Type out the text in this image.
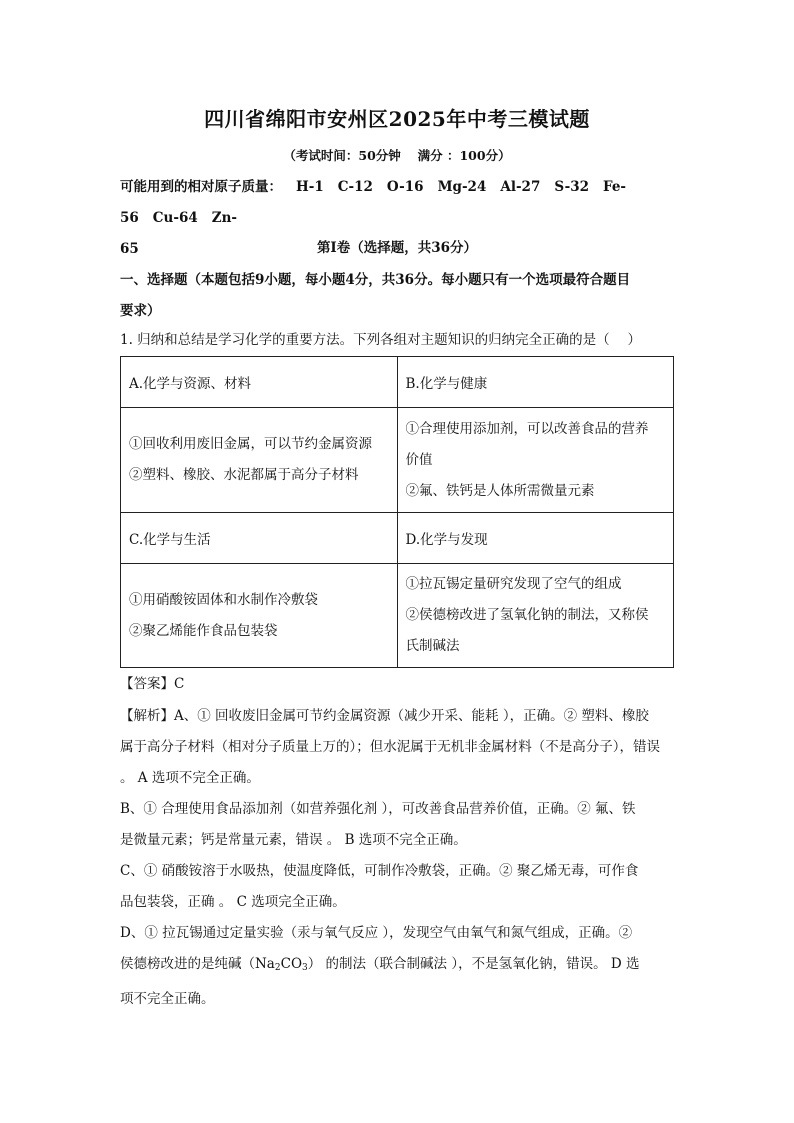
四川省绵阳市安州区2025年中考三模试题
（考试时间：50分钟　 满分 ：100分）
可能用到的相对原子质量： H-1 C-12 O-16 Mg-24 Al-27 S-32 Fe-56 Cu-64 Zn-
65	第I卷（选择题，共36分）
一、选择题（本题包括9小题，每小题4分，共36分。每小题只有一个选项最符合题目
要求）
1. 归纳和总结是学习化学的重要方法。下列各组对主题知识的归纳完全正确的是（　 ）
A.化学与资源、材料	B.化学与健康

①回收利用废旧金属，可以节约金属资源
②塑料、橡胶、水泥都属于高分子材料	①合理使用添加剂，可以改善食品的营养
价值
②氟、铁钙是人体所需微量元素

C.化学与生活	D.化学与发现

①用硝酸铵固体和水制作冷敷袋
②聚乙烯能作食品包装袋	①拉瓦锡定量研究发现了空气的组成
②侯德榜改进了氢氧化钠的制法，又称侯
氏制碱法
【答案】C

【解析】A、① 回收废旧金属可节约金属资源（减少开采、能耗 ），正确。② 塑料、橡胶

属于高分子材料（相对分子质量上万的）；但水泥属于无机非金属材料（不是高分子），错误

。 A 选项不完全正确。

B、① 合理使用食品添加剂（如营养强化剂 ），可改善食品营养价值，正确。② 氟、铁

是微量元素；钙是常量元素，错误 。 B 选项不完全正确。

C、① 硝酸铵溶于水吸热，使温度降低，可制作冷敷袋，正确。② 聚乙烯无毒，可作食

品包装袋，正确 。 C 选项完全正确。

D、① 拉瓦锡通过定量实验（汞与氧气反应 ），发现空气由氧气和氮气组成，正确。②

侯德榜改进的是纯碱$(Na_2CO_3)$ 的制法（联合制碱法 ），不是氢氧化钠，错误。 D 选

项不完全正确。
